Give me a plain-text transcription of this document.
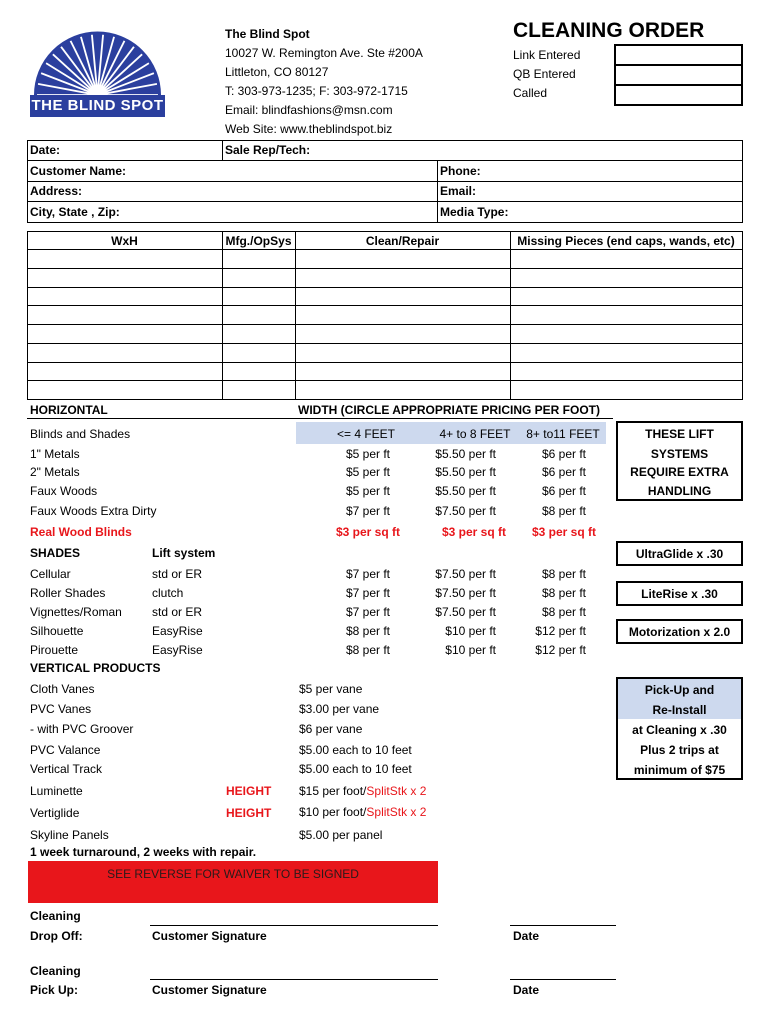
THE BLIND SPOT
The Blind Spot
10027 W. Remington Ave. Ste #200A
Littleton, CO 80127
T: 303-973-1235; F: 303-972-1715
Email: blindfashions@msn.com
Web Site: www.theblindspot.biz
CLEANING ORDER
Link Entered
QB Entered
Called
Date:	Sale Rep/Tech:
Customer Name:	Phone:
Address:	Email:
City, State , Zip:	Media Type:
WxH	Mfg./OpSys	Clean/Repair	Missing Pieces (end caps, wands, etc)
HORIZONTAL	WIDTH (CIRCLE APPROPRIATE PRICING PER FOOT)
Blinds and Shades	<= 4 FEET	4+ to 8 FEET	8+ to11 FEET
1" Metals	$5 per ft	$5.50 per ft	$6 per ft
2" Metals	$5 per ft	$5.50 per ft	$6 per ft
Faux Woods	$5 per ft	$5.50 per ft	$6 per ft
Faux Woods Extra Dirty	$7 per ft	$7.50 per ft	$8 per ft
Real Wood Blinds	$3 per sq ft	$3 per sq ft	$3 per sq ft
SHADES	Lift system
Cellular	std or ER	$7 per ft	$7.50 per ft	$8 per ft
Roller Shades	clutch	$7 per ft	$7.50 per ft	$8 per ft
Vignettes/Roman	std or ER	$7 per ft	$7.50 per ft	$8 per ft
Silhouette	EasyRise	$8 per ft	$10 per ft	$12 per ft
Pirouette	EasyRise	$8 per ft	$10 per ft	$12 per ft
VERTICAL PRODUCTS
Cloth Vanes	$5 per vane
PVC Vanes	$3.00 per vane
- with PVC Groover	$6 per vane
PVC Valance	$5.00 each to 10 feet
Vertical Track	$5.00 each to 10 feet
Luminette	HEIGHT $15 per foot/SplitStk x 2
Vertiglide	HEIGHT $10 per foot/SplitStk x 2
Skyline Panels	$5.00 per panel
1 week turnaround, 2 weeks with repair.
THESE LIFT
SYSTEMS
REQUIRE EXTRA
HANDLING
UltraGlide x .30
LiteRise x .30
Motorization x 2.0
Pick-Up and
Re-Install
at Cleaning x .30
Plus 2 trips at
minimum of $75
SEE REVERSE FOR WAIVER TO BE SIGNED
Cleaning
Drop Off:	Customer Signature	Date
Cleaning
Pick Up:	Customer Signature	Date
